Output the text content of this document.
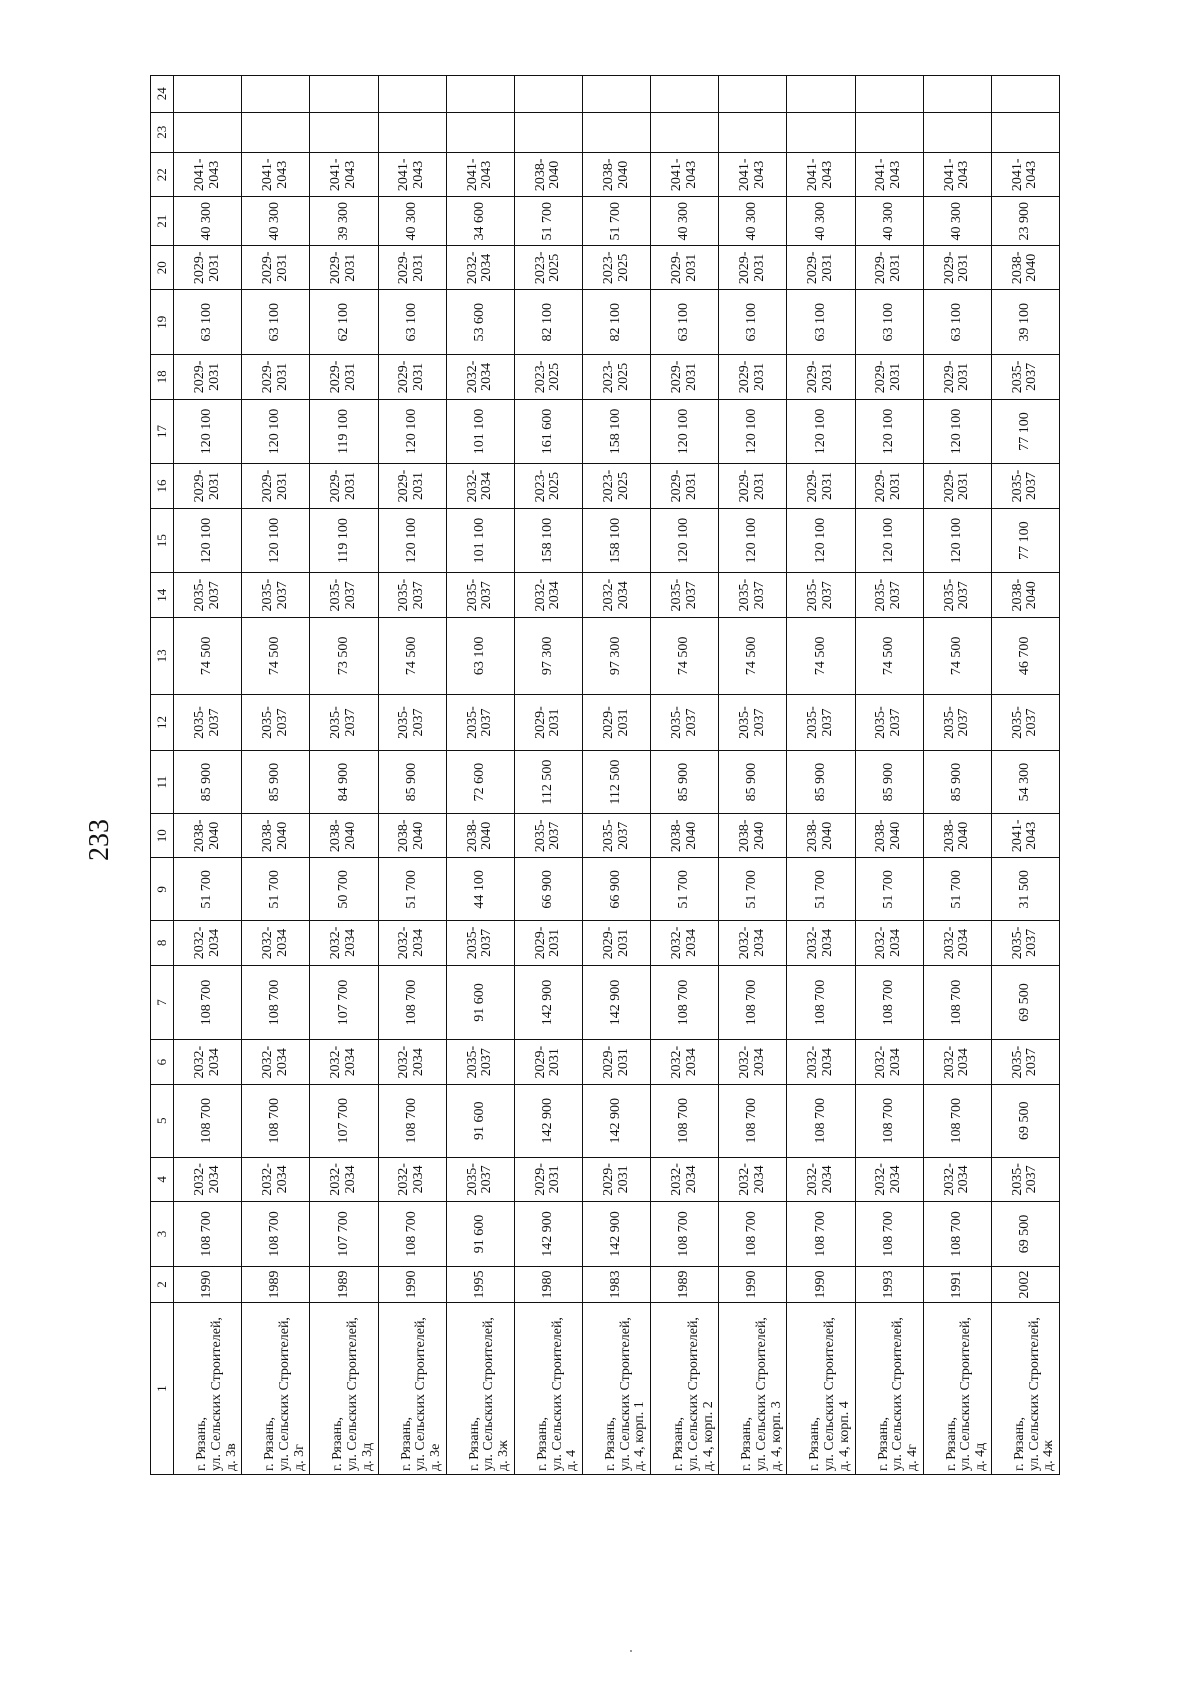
233
1	2	3	4	5	6	7	8	9	10	11	12	13	14	15	16	17	18	19	20	21	22	23	24

г. Рязань, ул. Сельских Строителей, д. 3в	1990	108 700	2032- 2034	108 700	2032- 2034	108 700	2032- 2034	51 700	2038- 2040	85 900	2035- 2037	74 500	2035- 2037	120 100	2029- 2031	120 100	2029- 2031	63 100	2029- 2031	40 300	2041- 2043		

г. Рязань, ул. Сельских Строителей, д. 3г	1989	108 700	2032- 2034	108 700	2032- 2034	108 700	2032- 2034	51 700	2038- 2040	85 900	2035- 2037	74 500	2035- 2037	120 100	2029- 2031	120 100	2029- 2031	63 100	2029- 2031	40 300	2041- 2043		

г. Рязань, ул. Сельских Строителей, д. 3д	1989	107 700	2032- 2034	107 700	2032- 2034	107 700	2032- 2034	50 700	2038- 2040	84 900	2035- 2037	73 500	2035- 2037	119 100	2029- 2031	119 100	2029- 2031	62 100	2029- 2031	39 300	2041- 2043		

г. Рязань, ул. Сельских Строителей, д. 3е	1990	108 700	2032- 2034	108 700	2032- 2034	108 700	2032- 2034	51 700	2038- 2040	85 900	2035- 2037	74 500	2035- 2037	120 100	2029- 2031	120 100	2029- 2031	63 100	2029- 2031	40 300	2041- 2043		

г. Рязань, ул. Сельских Строителей, д. 3ж	1995	91 600	2035- 2037	91 600	2035- 2037	91 600	2035- 2037	44 100	2038- 2040	72 600	2035- 2037	63 100	2035- 2037	101 100	2032- 2034	101 100	2032- 2034	53 600	2032- 2034	34 600	2041- 2043		

г. Рязань, ул. Сельских Строителей, д. 4	1980	142 900	2029- 2031	142 900	2029- 2031	142 900	2029- 2031	66 900	2035- 2037	112 500	2029- 2031	97 300	2032- 2034	158 100	2023- 2025	161 600	2023- 2025	82 100	2023- 2025	51 700	2038- 2040		

г. Рязань, ул. Сельских Строителей, д. 4, корп. 1	1983	142 900	2029- 2031	142 900	2029- 2031	142 900	2029- 2031	66 900	2035- 2037	112 500	2029- 2031	97 300	2032- 2034	158 100	2023- 2025	158 100	2023- 2025	82 100	2023- 2025	51 700	2038- 2040		

г. Рязань, ул. Сельских Строителей, д. 4, корп. 2	1989	108 700	2032- 2034	108 700	2032- 2034	108 700	2032- 2034	51 700	2038- 2040	85 900	2035- 2037	74 500	2035- 2037	120 100	2029- 2031	120 100	2029- 2031	63 100	2029- 2031	40 300	2041- 2043		

г. Рязань, ул. Сельских Строителей, д. 4, корп. 3	1990	108 700	2032- 2034	108 700	2032- 2034	108 700	2032- 2034	51 700	2038- 2040	85 900	2035- 2037	74 500	2035- 2037	120 100	2029- 2031	120 100	2029- 2031	63 100	2029- 2031	40 300	2041- 2043		

г. Рязань, ул. Сельских Строителей, д. 4, корп. 4	1990	108 700	2032- 2034	108 700	2032- 2034	108 700	2032- 2034	51 700	2038- 2040	85 900	2035- 2037	74 500	2035- 2037	120 100	2029- 2031	120 100	2029- 2031	63 100	2029- 2031	40 300	2041- 2043		

г. Рязань, ул. Сельских Строителей, д. 4г	1993	108 700	2032- 2034	108 700	2032- 2034	108 700	2032- 2034	51 700	2038- 2040	85 900	2035- 2037	74 500	2035- 2037	120 100	2029- 2031	120 100	2029- 2031	63 100	2029- 2031	40 300	2041- 2043		

г. Рязань, ул. Сельских Строителей, д. 4д	1991	108 700	2032- 2034	108 700	2032- 2034	108 700	2032- 2034	51 700	2038- 2040	85 900	2035- 2037	74 500	2035- 2037	120 100	2029- 2031	120 100	2029- 2031	63 100	2029- 2031	40 300	2041- 2043		

г. Рязань, ул. Сельских Строителей, д. 4ж	2002	69 500	2035- 2037	69 500	2035- 2037	69 500	2035- 2037	31 500	2041- 2043	54 300	2035- 2037	46 700	2038- 2040	77 100	2035- 2037	77 100	2035- 2037	39 100	2038- 2040	23 900	2041- 2043		
